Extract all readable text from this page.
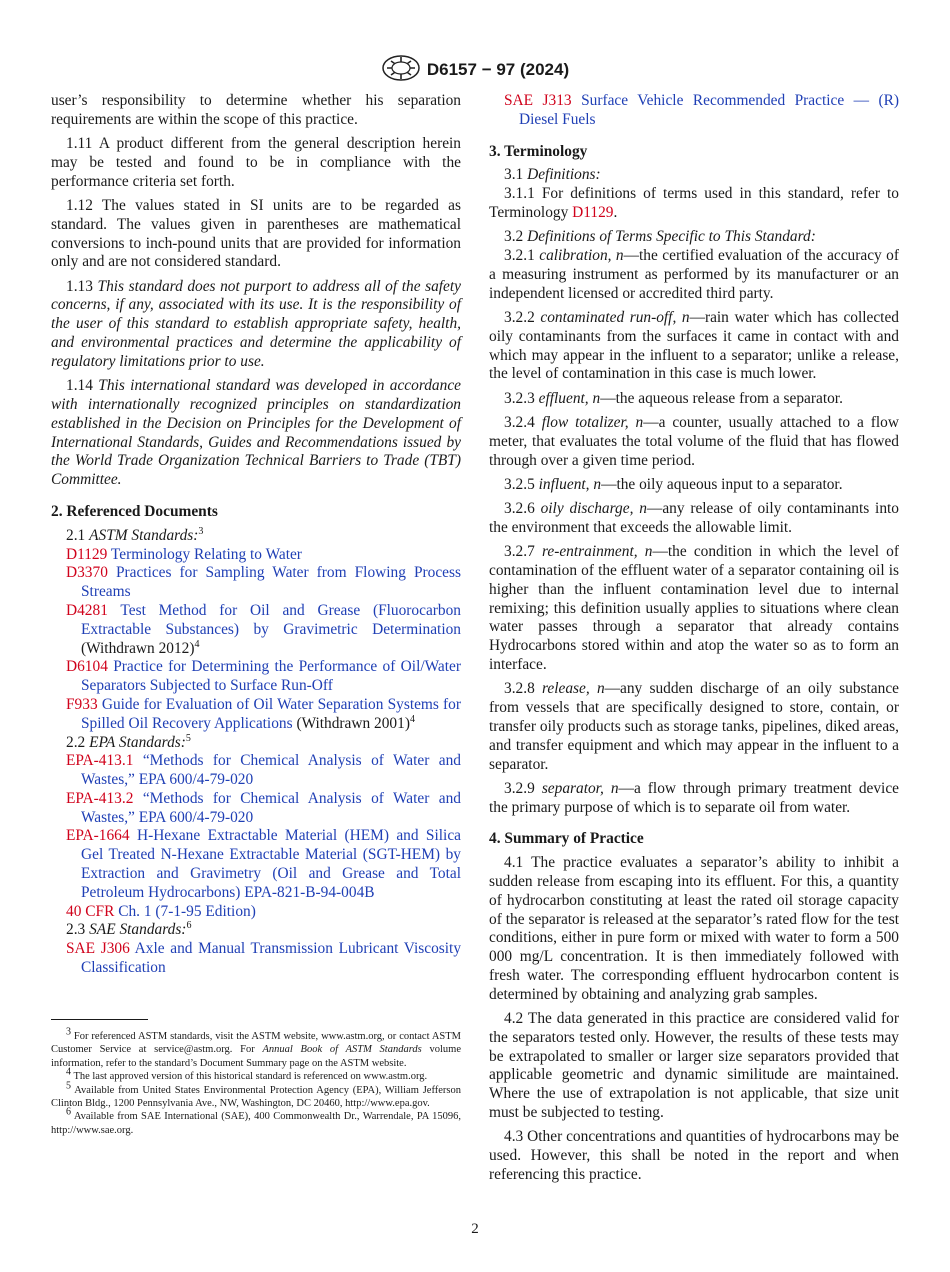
D6157 − 97 (2024)

user’s responsibility to determine whether his separation requirements are within the scope of this practice.

1.11 A product different from the general description herein may be tested and found to be in compliance with the performance criteria set forth.

1.12 The values stated in SI units are to be regarded as standard. The values given in parentheses are mathematical conversions to inch-pound units that are provided for information only and are not considered standard.

1.13 This standard does not purport to address all of the safety concerns, if any, associated with its use. It is the responsibility of the user of this standard to establish appropriate safety, health, and environmental practices and determine the applicability of regulatory limitations prior to use.

1.14 This international standard was developed in accordance with internationally recognized principles on standardization established in the Decision on Principles for the Development of International Standards, Guides and Recommendations issued by the World Trade Organization Technical Barriers to Trade (TBT) Committee.

2. Referenced Documents
2.1 ASTM Standards:$^3$
D1129 Terminology Relating to Water
D3370 Practices for Sampling Water from Flowing Process Streams
D4281 Test Method for Oil and Grease (Fluorocarbon Extractable Substances) by Gravimetric Determination (Withdrawn 2012)$^4$
D6104 Practice for Determining the Performance of Oil/Water Separators Subjected to Surface Run-Off
F933 Guide for Evaluation of Oil Water Separation Systems for Spilled Oil Recovery Applications (Withdrawn 2001)$^4$
2.2 EPA Standards:$^5$
EPA-413.1 “Methods for Chemical Analysis of Water and Wastes,” EPA 600/4-79-020
EPA-413.2 “Methods for Chemical Analysis of Water and Wastes,” EPA 600/4-79-020
EPA-1664 H-Hexane Extractable Material (HEM) and Silica Gel Treated N-Hexane Extractable Material (SGT-HEM) by Extraction and Gravimetry (Oil and Grease and Total Petroleum Hydrocarbons) EPA-821-B-94-004B
40 CFR Ch. 1 (7-1-95 Edition)
2.3 SAE Standards:$^6$
SAE J306 Axle and Manual Transmission Lubricant Viscosity Classification

$^3$ For referenced ASTM standards, visit the ASTM website, www.astm.org, or contact ASTM Customer Service at service@astm.org. For Annual Book of ASTM Standards volume information, refer to the standard’s Document Summary page on the ASTM website.

$^4$ The last approved version of this historical standard is referenced on www.astm.org.

$^5$ Available from United States Environmental Protection Agency (EPA), William Jefferson Clinton Bldg., 1200 Pennsylvania Ave., NW, Washington, DC 20460, http://www.epa.gov.

$^6$ Available from SAE International (SAE), 400 Commonwealth Dr., Warrendale, PA 15096, http://www.sae.org.

SAE J313 Surface Vehicle Recommended Practice — (R) Diesel Fuels
3. Terminology
3.1 Definitions:

3.1.1 For definitions of terms used in this standard, refer to Terminology D1129.

3.2 Definitions of Terms Specific to This Standard:

3.2.1 calibration, n—the certified evaluation of the accuracy of a measuring instrument as performed by its manufacturer or an independent licensed or accredited third party.

3.2.2 contaminated run-off, n—rain water which has collected oily contaminants from the surfaces it came in contact with and which may appear in the influent to a separator; unlike a release, the level of contamination in this case is much lower.

3.2.3 effluent, n—the aqueous release from a separator.

3.2.4 flow totalizer, n—a counter, usually attached to a flow meter, that evaluates the total volume of the fluid that has flowed through over a given time period.

3.2.5 influent, n—the oily aqueous input to a separator.

3.2.6 oily discharge, n—any release of oily contaminants into the environment that exceeds the allowable limit.

3.2.7 re-entrainment, n—the condition in which the level of contamination of the effluent water of a separator containing oil is higher than the influent contamination level due to internal remixing; this definition usually applies to situations where clean water passes through a separator that already contains Hydrocarbons stored within and atop the water so as to form an interface.

3.2.8 release, n—any sudden discharge of an oily substance from vessels that are specifically designed to store, contain, or transfer oily products such as storage tanks, pipelines, diked areas, and transfer equipment and which may appear in the influent to a separator.

3.2.9 separator, n—a flow through primary treatment device the primary purpose of which is to separate oil from water.

4. Summary of Practice

4.1 The practice evaluates a separator’s ability to inhibit a sudden release from escaping into its effluent. For this, a quantity of hydrocarbon constituting at least the rated oil storage capacity of the separator is released at the separator’s rated flow for the test conditions, either in pure form or mixed with water to form a 500 000 mg/L concentration. It is then immediately followed with fresh water. The corresponding effluent hydrocarbon content is determined by obtaining and analyzing grab samples.

4.2 The data generated in this practice are considered valid for the separators tested only. However, the results of these tests may be extrapolated to smaller or larger size separators provided that applicable geometric and dynamic similitude are maintained. Where the use of extrapolation is not applicable, that size unit must be subjected to testing.

4.3 Other concentrations and quantities of hydrocarbons may be used. However, this shall be noted in the report and when referencing this practice.

2
